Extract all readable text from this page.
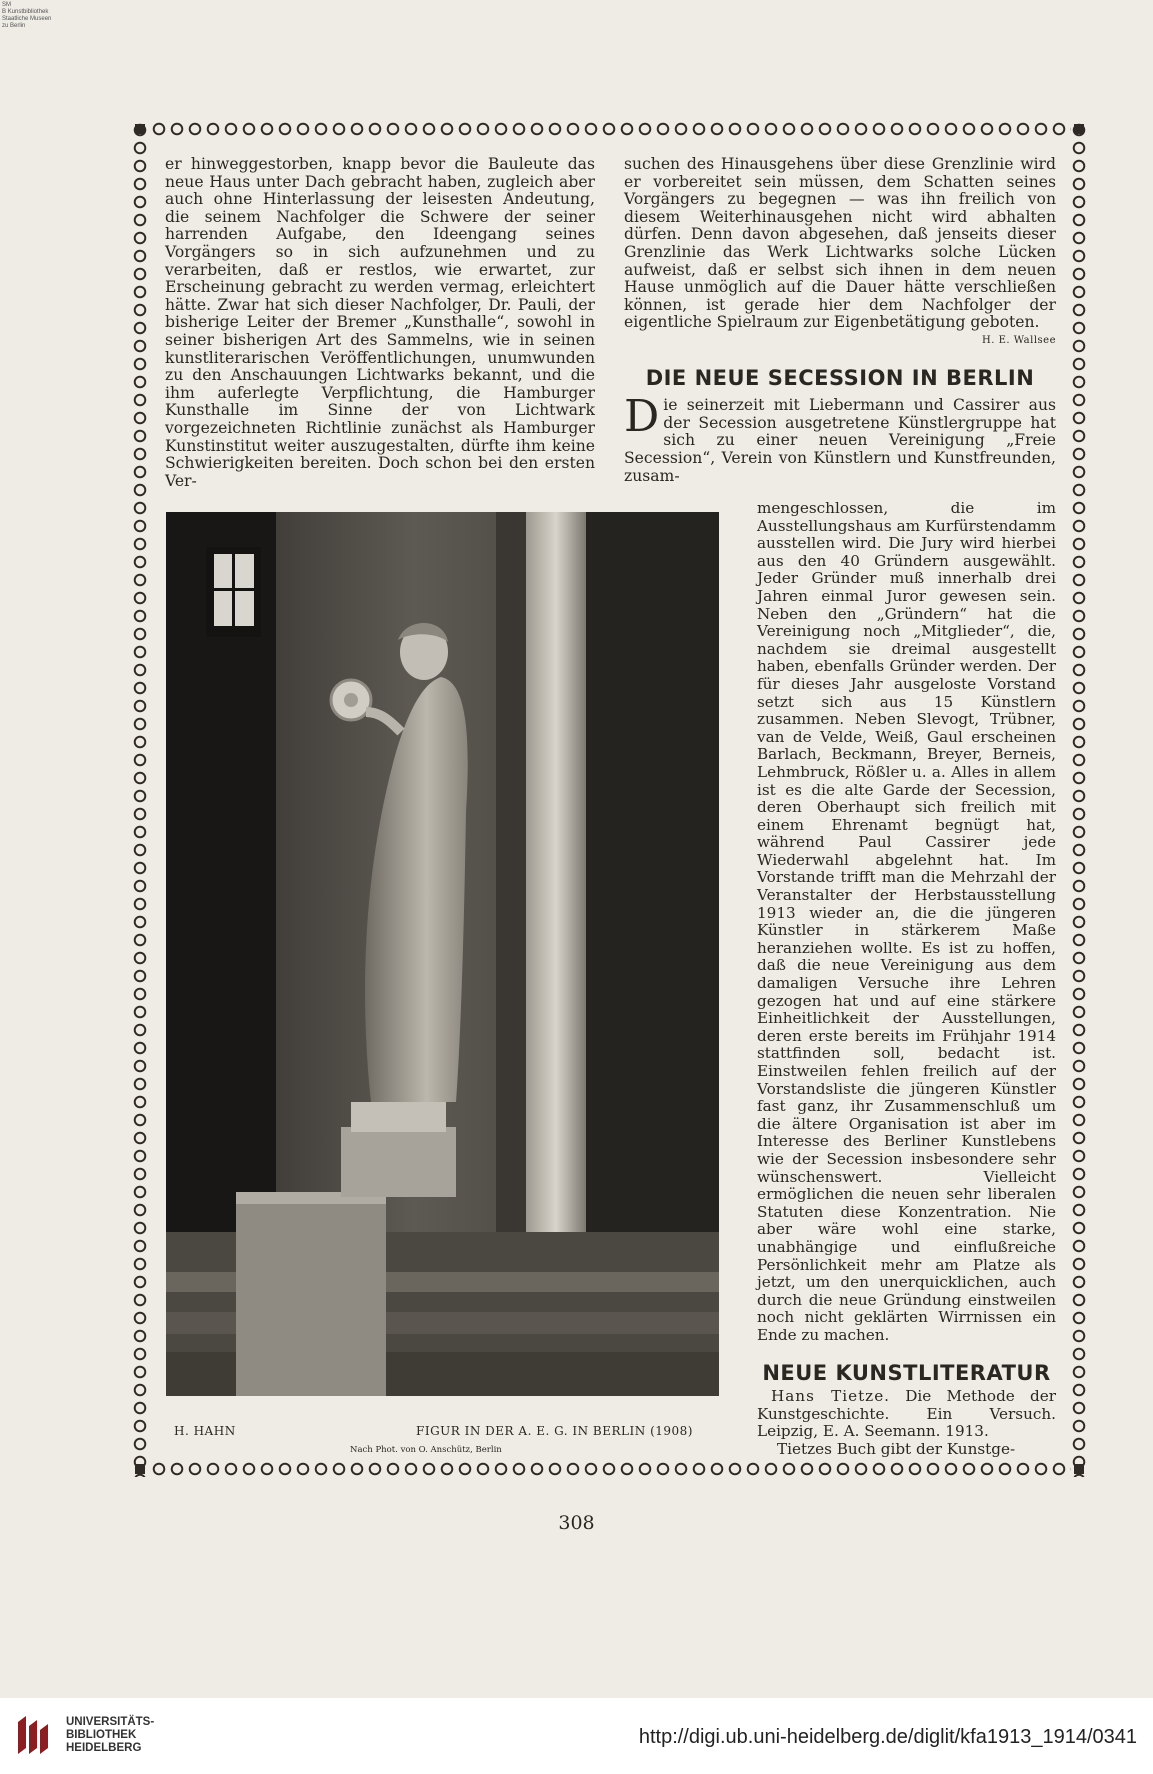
SM
B Kunstbibliothek
Staatliche Museen
zu Berlin

er hinweggestorben, knapp bevor die Bauleute das neue Haus unter Dach gebracht haben, zugleich aber auch ohne Hinterlassung der leisesten Andeutung, die seinem Nachfolger die Schwere der seiner harrenden Aufgabe, den Ideengang seines Vorgängers so in sich aufzunehmen und zu verarbeiten, daß er restlos, wie erwartet, zur Erscheinung gebracht zu werden vermag, erleichtert hätte. Zwar hat sich dieser Nachfolger, Dr. Pauli, der bisherige Leiter der Bremer „Kunsthalle“, sowohl in seiner bisherigen Art des Sammelns, wie in seinen kunstliterarischen Veröffentlichungen, unumwunden zu den Anschauungen Lichtwarks bekannt, und die ihm auferlegte Verpflichtung, die Hamburger Kunsthalle im Sinne der von Lichtwark vorgezeichneten Richtlinie zunächst als Hamburger Kunstinstitut weiter auszugestalten, dürfte ihm keine Schwierigkeiten bereiten. Doch schon bei den ersten Ver-

suchen des Hinausgehens über diese Grenzlinie wird er vorbereitet sein müssen, dem Schatten seines Vorgängers zu begegnen — was ihn freilich von diesem Weiterhinausgehen nicht wird abhalten dürfen. Denn davon abgesehen, daß jenseits dieser Grenzlinie das Werk Lichtwarks solche Lücken aufweist, daß er selbst sich ihnen in dem neuen Hause unmöglich auf die Dauer hätte verschließen können, ist gerade hier dem Nachfolger der eigentliche Spielraum zur Eigenbetätigung geboten.

H. E. Wallsee

DIE NEUE SECESSION IN BERLIN

Die seinerzeit mit Liebermann und Cassirer aus der Secession ausgetretene Künstlergruppe hat sich zu einer neuen Vereinigung „Freie Secession“, Verein von Künstlern und Kunstfreunden, zusam-

mengeschlossen, die im Ausstellungshaus am Kurfürstendamm ausstellen wird. Die Jury wird hierbei aus den 40 Gründern ausgewählt. Jeder Gründer muß innerhalb drei Jahren einmal Juror gewesen sein. Neben den „Gründern“ hat die Vereinigung noch „Mitglieder“, die, nachdem sie dreimal ausgestellt haben, ebenfalls Gründer werden. Der für dieses Jahr ausgeloste Vorstand setzt sich aus 15 Künstlern zusammen. Neben Slevogt, Trübner, van de Velde, Weiß, Gaul erscheinen Barlach, Beckmann, Breyer, Berneis, Lehmbruck, Rößler u. a. Alles in allem ist es die alte Garde der Secession, deren Oberhaupt sich freilich mit einem Ehrenamt begnügt hat, während Paul Cassirer jede Wiederwahl abgelehnt hat. Im Vorstande trifft man die Mehrzahl der Veranstalter der Herbstausstellung 1913 wieder an, die die jüngeren Künstler in stärkerem Maße heranziehen wollte. Es ist zu hoffen, daß die neue Vereinigung aus dem damaligen Versuche ihre Lehren gezogen hat und auf eine stärkere Einheitlichkeit der Ausstellungen, deren erste bereits im Frühjahr 1914 stattfinden soll, bedacht ist. Einstweilen fehlen freilich auf der Vorstandsliste die jüngeren Künstler fast ganz, ihr Zusammenschluß um die ältere Organisation ist aber im Interesse des Berliner Kunstlebens wie der Secession insbesondere sehr wünschenswert. Vielleicht ermöglichen die neuen sehr liberalen Statuten diese Konzentration. Nie aber wäre wohl eine starke, unabhängige und einflußreiche Persönlichkeit mehr am Platze als jetzt, um den unerquicklichen, auch durch die neue Gründung einstweilen noch nicht geklärten Wirrnissen ein Ende zu machen.

NEUE KUNSTLITERATUR

Hans Tietze. Die Methode der Kunstgeschichte. Ein Versuch. Leipzig, E. A. Seemann. 1913.

Tietzes Buch gibt der Kunstge-

H. HAHN	FIGUR IN DER A. E. G. IN BERLIN (1908)
Nach Phot. von O. Anschütz, Berlin
308
UNIVERSITÄTS-
BIBLIOTHEK
HEIDELBERG	http://digi.ub.uni-heidelberg.de/diglit/kfa1913_1914/0341
